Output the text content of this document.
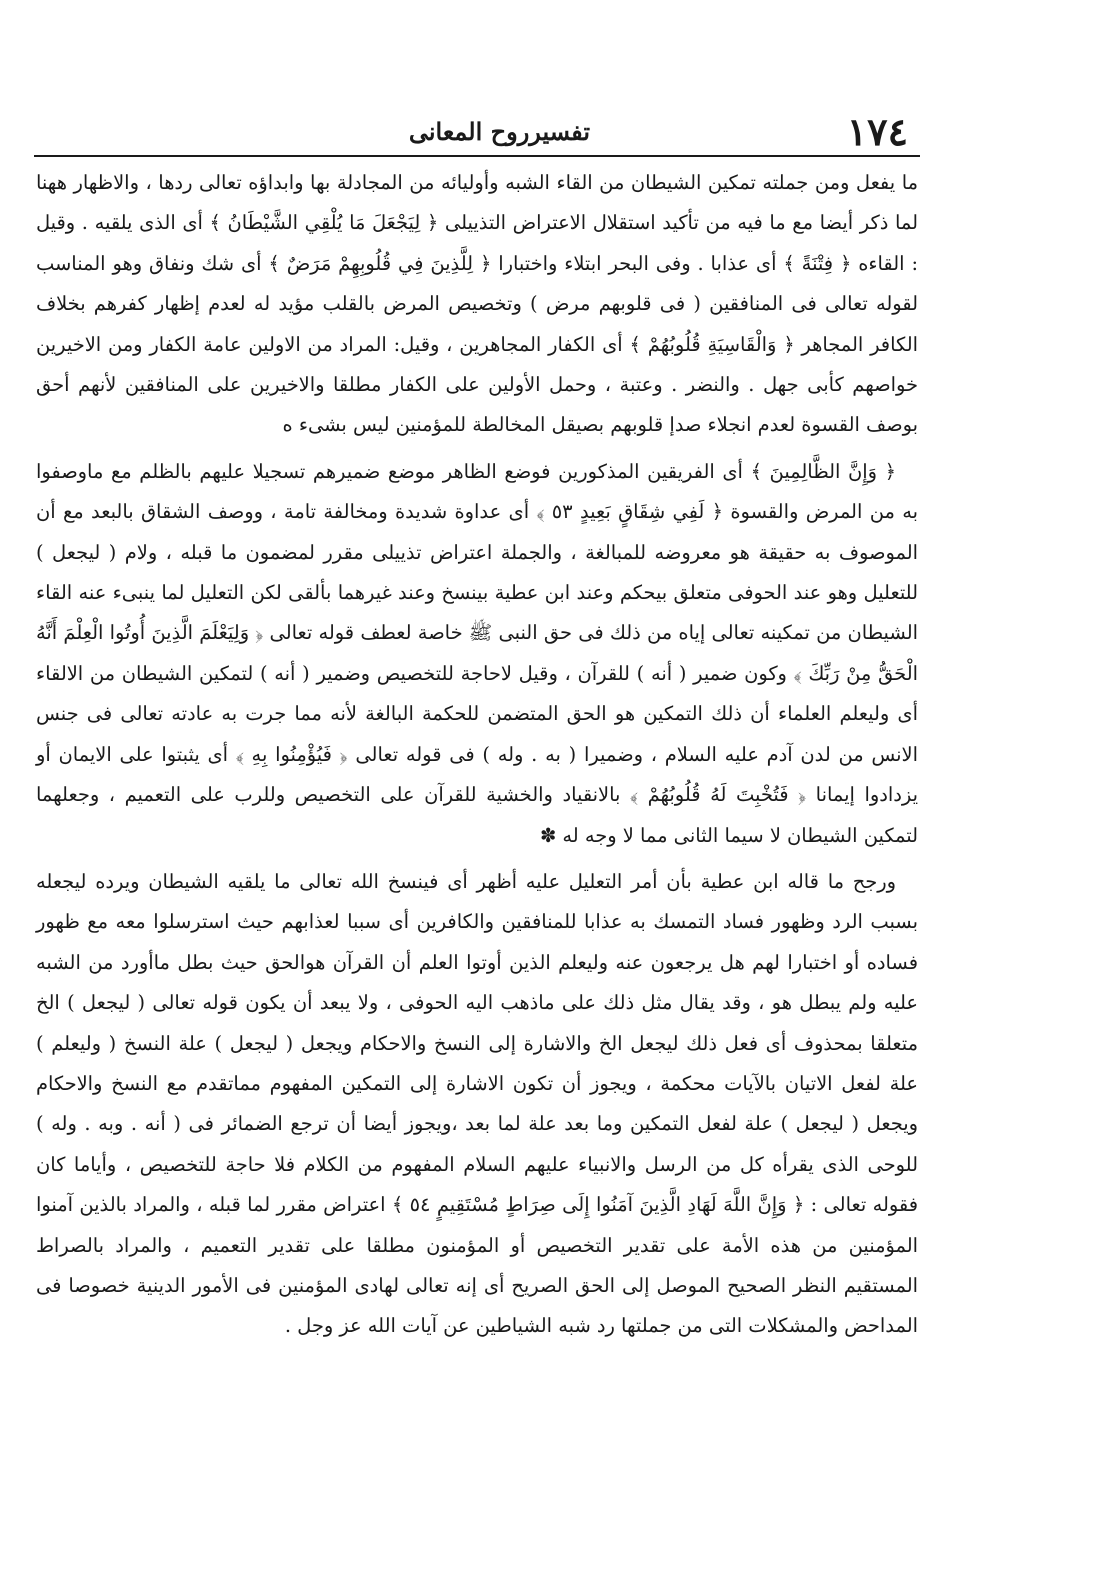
١٧٤
تفسيرروح المعانى

ما يفعل ومن جملته تمكين الشيطان من القاء الشبه وأوليائه من المجادلة بها وابداؤه تعالى ردها ، والاظهار ههنا لما ذكر أيضا مع ما فيه من تأكيد استقلال الاعتراض التذييلى ﴿ لِيَجْعَلَ مَا يُلْقِي الشَّيْطَانُ ﴾ أى الذى يلقيه . وقيل : القاءه ﴿ فِتْنَةً ﴾ أى عذابا . وفى البحر ابتلاء واختبارا ﴿ لِلَّذِينَ فِي قُلُوبِهِمْ مَرَضٌ ﴾ أى شك ونفاق وهو المناسب لقوله تعالى فى المنافقين ( فى قلوبهم مرض ) وتخصيص المرض بالقلب مؤيد له لعدم إظهار كفرهم بخلاف الكافر المجاهر ﴿ وَالْقَاسِيَةِ قُلُوبُهُمْ ﴾ أى الكفار المجاهرين ، وقيل: المراد من الاولين عامة الكفار ومن الاخيرين خواصهم كأبى جهل . والنضر . وعتبة ، وحمل الأولين على الكفار مطلقا والاخيرين على المنافقين لأنهم أحق بوصف القسوة لعدم انجلاء صدإ قلوبهم بصيقل المخالطة للمؤمنين ليس بشىء ه

﴿ وَإِنَّ الظَّالِمِينَ ﴾ أى الفريقين المذكورين فوضع الظاهر موضع ضميرهم تسجيلا عليهم بالظلم مع ماوصفوا به من المرض والقسوة ﴿ لَفِي شِقَاقٍ بَعِيدٍ ٥٣ ﴾ أى عداوة شديدة ومخالفة تامة ، ووصف الشقاق بالبعد مع أن الموصوف به حقيقة هو معروضه للمبالغة ، والجملة اعتراض تذييلى مقرر لمضمون ما قبله ، ولام ( ليجعل ) للتعليل وهو عند الحوفى متعلق بيحكم وعند ابن عطية بينسخ وعند غيرهما بألقى لكن التعليل لما ينبىء عنه القاء الشيطان من تمكينه تعالى إياه من ذلك فى حق النبى ﷺ خاصة لعطف قوله تعالى ﴿ وَلِيَعْلَمَ الَّذِينَ أُوتُوا الْعِلْمَ أَنَّهُ الْحَقُّ مِنْ رَبِّكَ ﴾ وكون ضمير ( أنه ) للقرآن ، وقيل لاحاجة للتخصيص وضمير ( أنه ) لتمكين الشيطان من الالقاء أى وليعلم العلماء أن ذلك التمكين هو الحق المتضمن للحكمة البالغة لأنه مما جرت به عادته تعالى فى جنس الانس من لدن آدم عليه السلام ، وضميرا ( به . وله ) فى قوله تعالى ﴿ فَيُؤْمِنُوا بِهِ ﴾ أى يثبتوا على الايمان أو يزدادوا إيمانا ﴿ فَتُخْبِتَ لَهُ قُلُوبُهُمْ ﴾ بالانقياد والخشية للقرآن على التخصيص وللرب على التعميم ، وجعلهما لتمكين الشيطان لا سيما الثانى مما لا وجه له ✽

ورجح ما قاله ابن عطية بأن أمر التعليل عليه أظهر أى فينسخ الله تعالى ما يلقيه الشيطان ويرده ليجعله بسبب الرد وظهور فساد التمسك به عذابا للمنافقين والكافرين أى سببا لعذابهم حيث استرسلوا معه مع ظهور فساده أو اختبارا لهم هل يرجعون عنه وليعلم الذين أوتوا العلم أن القرآن هوالحق حيث بطل ماأورد من الشبه عليه ولم يبطل هو ، وقد يقال مثل ذلك على ماذهب اليه الحوفى ، ولا يبعد أن يكون قوله تعالى ( ليجعل ) الخ متعلقا بمحذوف أى فعل ذلك ليجعل الخ والاشارة إلى النسخ والاحكام ويجعل ( ليجعل ) علة النسخ ( وليعلم ) علة لفعل الاتيان بالآيات محكمة ، ويجوز أن تكون الاشارة إلى التمكين المفهوم مماتقدم مع النسخ والاحكام ويجعل ( ليجعل ) علة لفعل التمكين وما بعد علة لما بعد ،ويجوز أيضا أن ترجع الضمائر فى ( أنه . وبه . وله ) للوحى الذى يقرأه كل من الرسل والانبياء عليهم السلام المفهوم من الكلام فلا حاجة للتخصيص ، وأياما كان فقوله تعالى : ﴿ وَإِنَّ اللَّهَ لَهَادِ الَّذِينَ آمَنُوا إِلَى صِرَاطٍ مُسْتَقِيمٍ ٥٤ ﴾ اعتراض مقرر لما قبله ، والمراد بالذين آمنوا المؤمنين من هذه الأمة على تقدير التخصيص أو المؤمنون مطلقا على تقدير التعميم ، والمراد بالصراط المستقيم النظر الصحيح الموصل إلى الحق الصريح أى إنه تعالى لهادى المؤمنين فى الأمور الدينية خصوصا فى المداحض والمشكلات التى من جملتها رد شبه الشياطين عن آيات الله عز وجل .
